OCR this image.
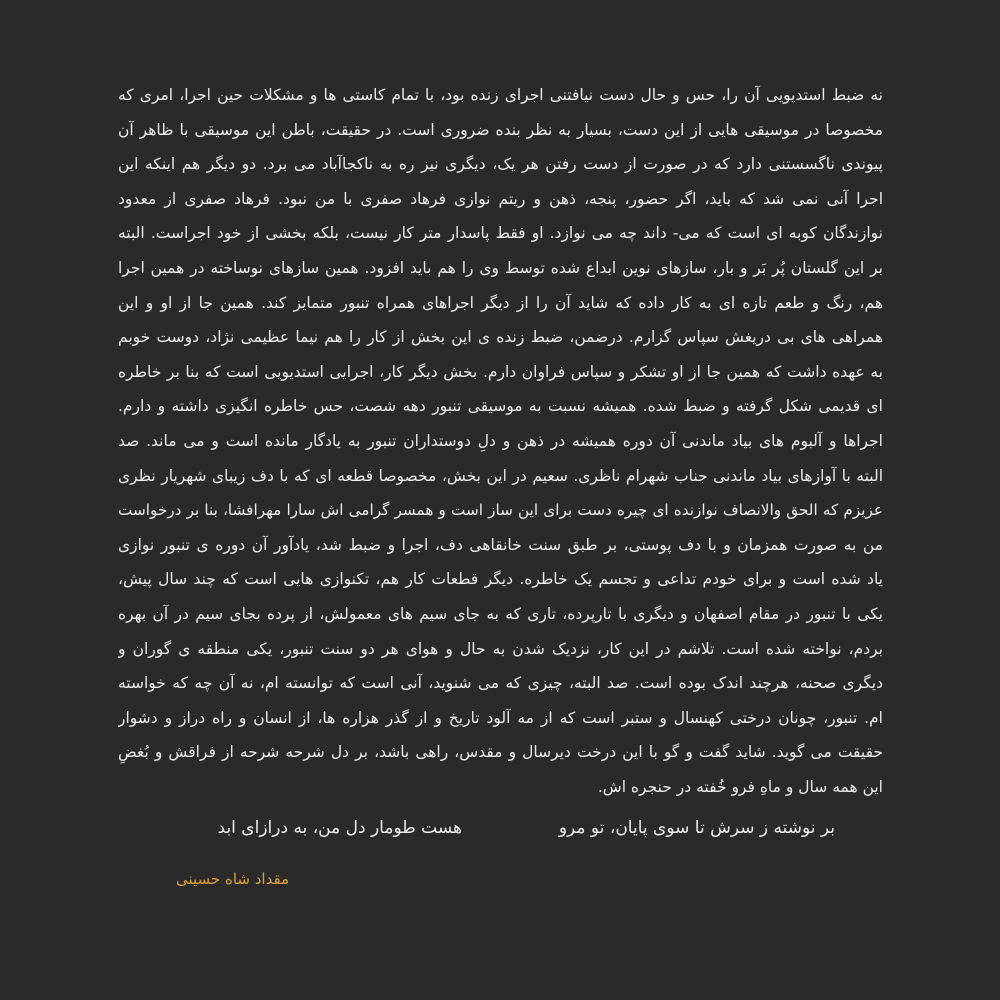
نه ضبط استدیویی آن را، حس و حال دست نیافتنی اجرای زنده بود، با تمام کاستی ها و مشکلات حین اجرا، امری که
مخصوصا در موسیقی هایی از این دست، بسیار به نظر بنده ضروری است. در حقیقت، باطن این موسیقی با ظاهر آن
پیوندی ناگسستنی دارد که در صورت از دست رفتن هر یک، دیگری نیز ره به ناکجاآباد می برد. دو دیگر هم اینکه این
اجرا آنی نمی شد که باید، اگر حضور، پنجه، ذهن و ریتم نوازی فرهاد صفری با من نبود. فرهاد صفری از معدود
نوازندگان کوبه ای است که می- داند چه می نوازد. او فقط پاسدار متر کار نیست، بلکه بخشی از خود اجراست. البته
بر این گلستان پُر بَر و بار، سازهای نوین ابداع شده توسط وی را هم باید افزود. همین سازهای نوساخته در همین اجرا
هم، رنگ و طعم تازه ای به کار داده که شاید آن را از دیگر اجراهای همراه تنبور متمایز کند. همین جا از او و این
همراهی های بی دریغش سپاس گزارم. درضمن، ضبط زنده ی این بخش از کار را هم نیما عظیمی نژاد، دوست خوبم
به عهده داشت که همین جا از او تشکر و سپاس فراوان دارم. بخش دیگر کار، اجرایی استدیویی است که بنا بر خاطره
ای قدیمی شکل گرفته و ضبط شده. همیشه نسبت به موسیقی تنبور دهه شصت، حس خاطره انگیزی داشته و دارم.
اجراها و آلبوم های بیاد ماندنی آن دوره همیشه در ذهن و دلِ دوستداران تنبور به یادگار مانده است و می ماند. صد
البته با آوازهای بیاد ماندنی جناب شهرام ناظری. سعیم در این بخش، مخصوصا قطعه ای که با دف زیبای شهریار نظری
عزیزم که الحق والانصاف نوازنده ای چیره دست برای این ساز است و همسر گرامی اش سارا مهرافشا، بنا بر درخواست
من به صورت همزمان و با دف پوستی، بر طبق سنت خانقاهی دف، اجرا و ضبط شد، یادآور آن دوره ی تنبور نوازی
یاد شده است و برای خودم تداعی و تجسم یک خاطره. دیگر قطعات کار هم، تکنوازی هایی است که چند سال پیش،
یکی با تنبور در مقام اصفهان و دیگری با تارپرده، تاری که به جای سیم های معمولش، از پرده بجای سیم در آن بهره
بردم، نواخته شده است. تلاشم در این کار، نزدیک شدن به حال و هوای هر دو سنت تنبور، یکی منطقه ی گوران و
دیگری صحنه، هرچند اندک بوده است. صد البته، چیزی که می شنوید، آنی است که توانسته ام، نه آن چه که خواسته
ام. تنبور، چونان درختی کهنسال و ستبر است که از مه آلود تاریخ و از گذر هزاره ها، از انسان و راه دراز و دشوار
حقیقت می گوید. شاید گفت و گو با این درخت دیرسال و مقدس، راهی باشد، بر دل شرحه شرحه از فراقش و بُغضِ
این همه سال و ماهِ فرو خُفته در حنجره اش.
بر نوشته ز سرش تا سوی پایان، تو مرو
هست طومار دل من، به درازای ابد
مقداد شاه حسینی
